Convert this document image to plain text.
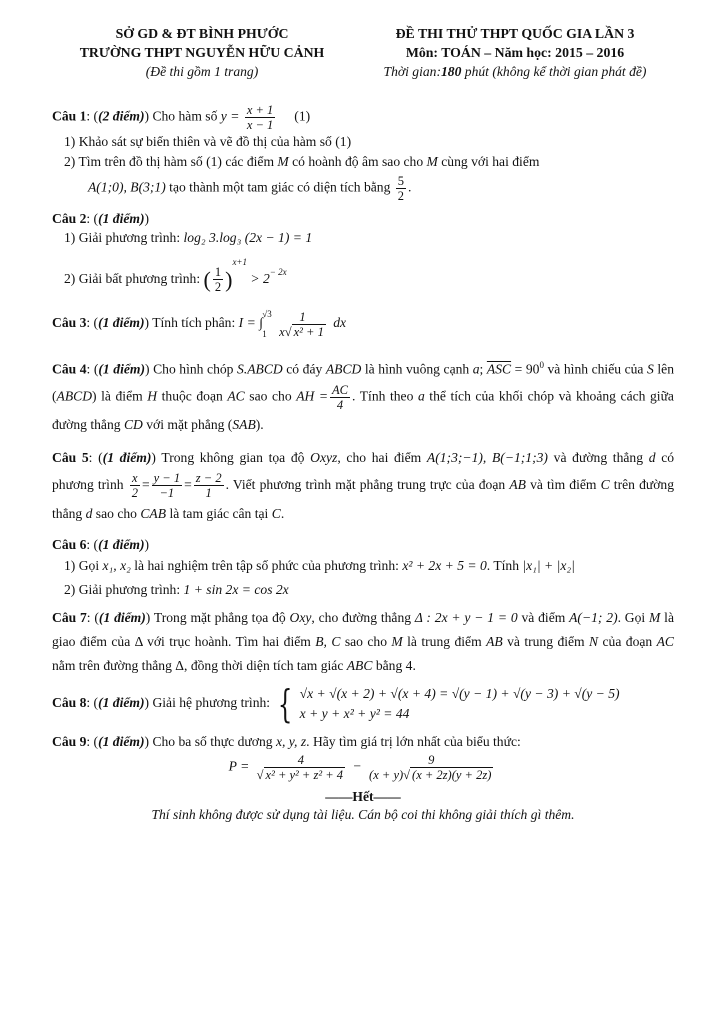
SỞ GD & ĐT BÌNH PHƯỚC
TRƯỜNG THPT NGUYỄN HỮU CẢNH
(Đề thi gồm 1 trang)
ĐỀ THI THỬ THPT QUỐC GIA LẦN 3
Môn: TOÁN – Năm học: 2015 – 2016
Thời gian:180 phút (không kể thời gian phát đề)
Câu 1: ((2 điểm)) Cho hàm số $y = \frac{x + 1}{x - 1} (1)$
1) Khảo sát sự biến thiên và vẽ đồ thị của hàm số (1)
2) Tìm trên đồ thị hàm số (1) các điểm M có hoành độ âm sao cho M cùng với hai điểm
A(1;0), B(3;1) tạo thành một tam giác có diện tích bằng $\frac{5}{2}$ .
Câu 2: ((1 điểm))
1) Giải phương trình: log₂ 3.log₃ (2x − 1) = 1
2) Giải bất phương trình: ( $\frac{1}{2} )^{x+1} > 2^{- 2x}$
Câu 3: ((1 điểm)) Tính tích phân: I = ∫
√3
1
$\frac{1}{\text{x√ x² + 1}}$ dx
Câu 4: ((1 điểm)) Cho hình chóp S.ABCD có đáy ABCD là hình vuông cạnh a; $\overline{ASC} = 90^0$ và hình chiếu của S lên (ABCD) là điểm H thuộc đoạn AC sao cho AH = $\frac{AC}{4}$ . Tính theo a thể tích của khối chóp và khoảng cách giữa đường thẳng CD với mặt phẳng (SAB).
Câu 5: ((1 điểm)) Trong không gian tọa độ Oxyz, cho hai điểm A(1;3;−1), B(−1;1;3) và đường thẳng d có phương trình $\frac{x}{2} = \frac{y - 1}{-1} = \frac{z - 2}{1}$ . Viết phương trình mặt phẳng trung trực của đoạn AB và tìm điểm C trên đường thẳng d sao cho CAB là tam giác cân tại C.
Câu 6: ((1 điểm))
1) Gọi x₁, x₂ là hai nghiệm trên tập số phức của phương trình: x² + 2x + 5 = 0. Tính |x₁| + |x₂|
2) Giải phương trình: 1 + sin 2x = cos 2x
Câu 7: ((1 điểm)) Trong mặt phẳng tọa độ Oxy, cho đường thẳng Δ : 2x + y − 1 = 0 và điểm A(−1; 2). Gọi M là giao điểm của Δ với trục hoành. Tìm hai điểm B, C sao cho M là trung điểm AB và trung điểm N của đoạn AC nằm trên đường thẳng Δ, đồng thời diện tích tam giác ABC bằng 4.
Câu 8: ((1 điểm)) Giải hệ phương trình: { √x + √(x + 2) + √(x + 4) = √(y − 1) + √(y − 3) + √(y − 5)
x + y + x² + y² = 44
Câu 9: ((1 điểm)) Cho ba số thực dương x, y, z. Hãy tìm giá trị lớn nhất của biểu thức:
$P = \frac{4}{\text{√ x² + y² + z² + 4}} - \frac{9}{(x + y)√ (x + 2z)(y + 2z)}$
——Hết——
Thí sinh không được sử dụng tài liệu. Cán bộ coi thi không giải thích gì thêm.
